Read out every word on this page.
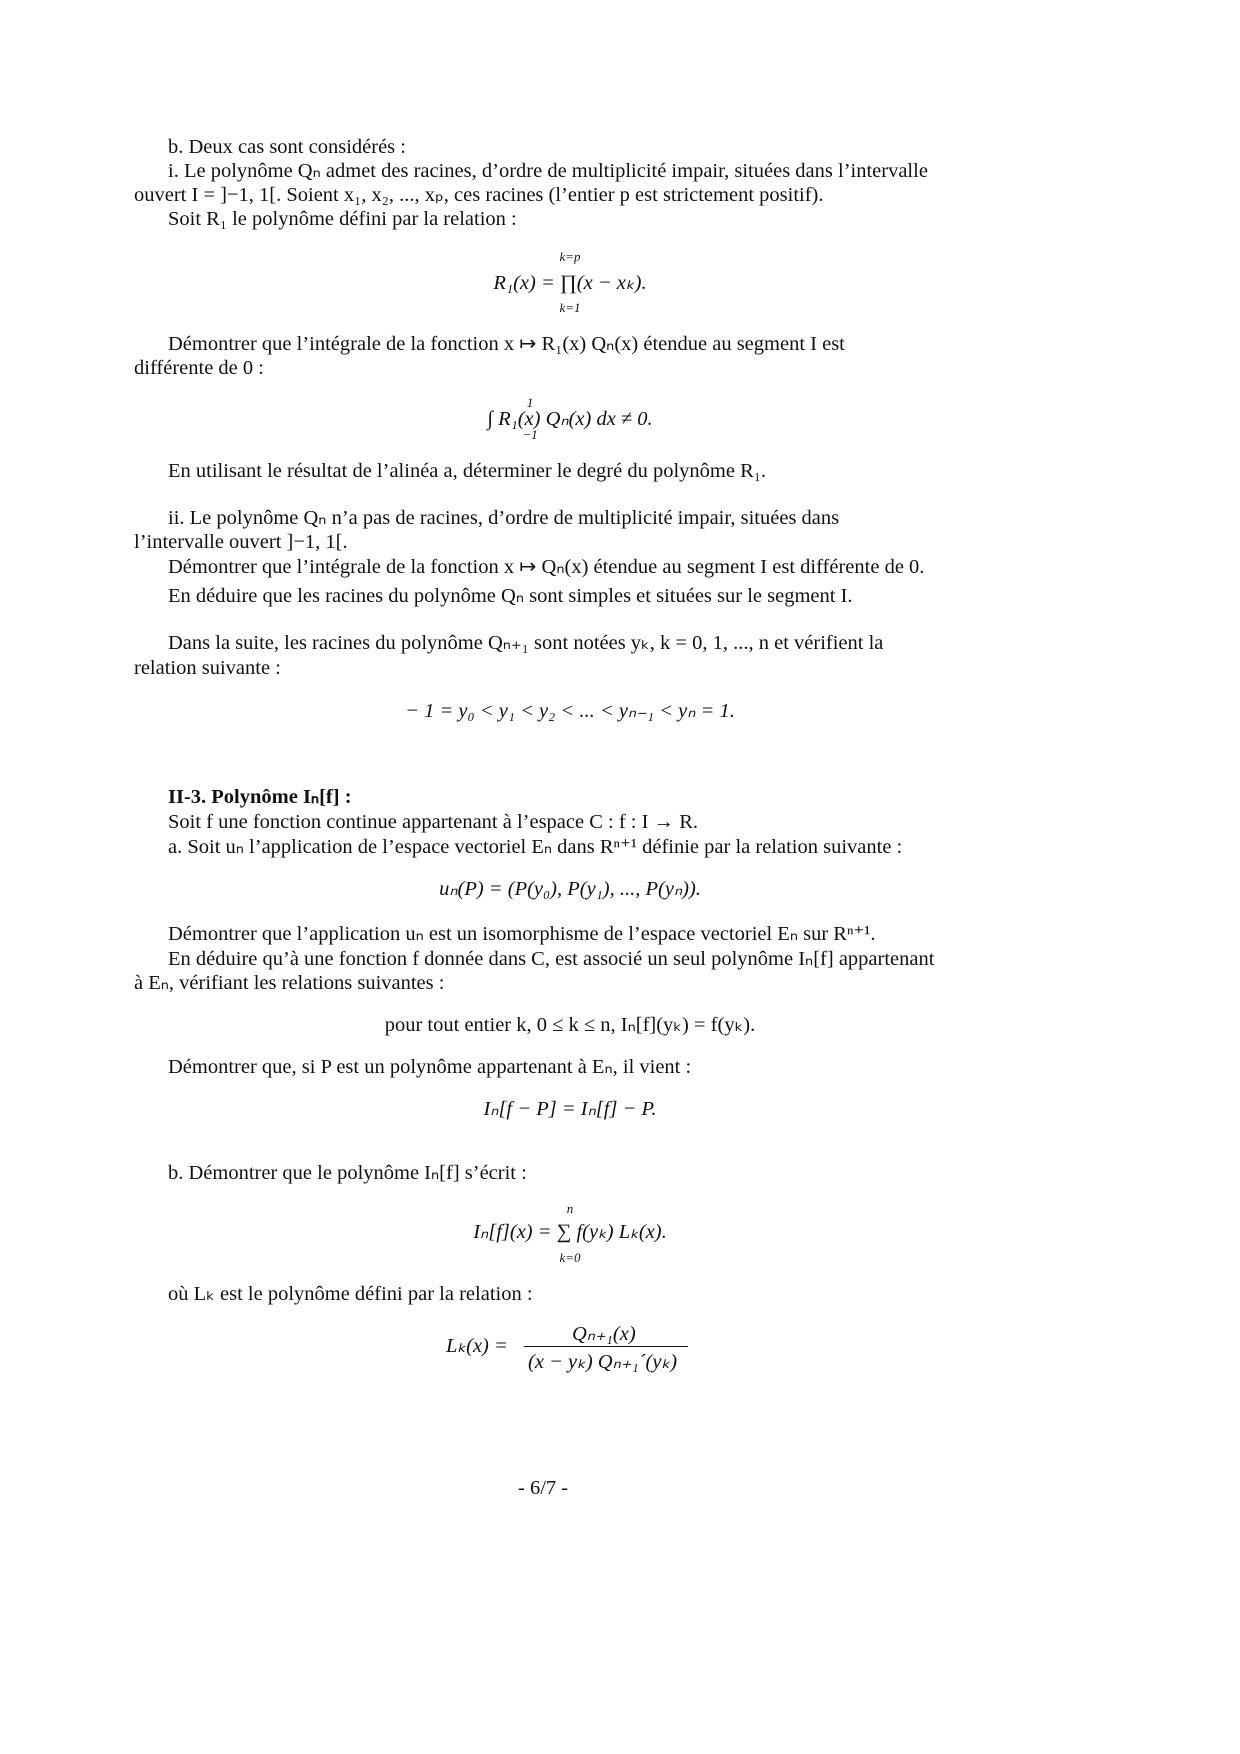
b. Deux cas sont considérés :
i. Le polynôme Qₙ admet des racines, d’ordre de multiplicité impair, situées dans l’intervalle
ouvert I = ]−1, 1[. Soient x₁, x₂, ..., xₚ, ces racines (l’entier p est strictement positif).
Soit R₁ le polynôme défini par la relation :
k=p
R₁(x) = ∏(x − xₖ).
k=1
Démontrer que l’intégrale de la fonction x ↦ R₁(x) Qₙ(x) étendue au segment I est
différente de 0 :
1
∫ R₁(x) Qₙ(x) dx ≠ 0.
−1
En utilisant le résultat de l’alinéa a, déterminer le degré du polynôme R₁.
ii. Le polynôme Qₙ n’a pas de racines, d’ordre de multiplicité impair, situées dans
l’intervalle ouvert ]−1, 1[.
Démontrer que l’intégrale de la fonction x ↦ Qₙ(x) étendue au segment I est différente de 0.
En déduire que les racines du polynôme Qₙ sont simples et situées sur le segment I.
Dans la suite, les racines du polynôme Qₙ₊₁ sont notées yₖ, k = 0, 1, ..., n et vérifient la
relation suivante :
− 1 = y₀ < y₁ < y₂ < ... < yₙ₋₁ < yₙ = 1.
II-3. Polynôme Iₙ[f] :
Soit f une fonction continue appartenant à l’espace C : f : I → R.
a. Soit uₙ l’application de l’espace vectoriel Eₙ dans Rⁿ⁺¹ définie par la relation suivante :
uₙ(P) = (P(y₀), P(y₁), ..., P(yₙ)).
Démontrer que l’application uₙ est un isomorphisme de l’espace vectoriel Eₙ sur Rⁿ⁺¹.
En déduire qu’à une fonction f donnée dans C, est associé un seul polynôme Iₙ[f] appartenant
à Eₙ, vérifiant les relations suivantes :
pour tout entier k, 0 ≤ k ≤ n, Iₙ[f](yₖ) = f(yₖ).
Démontrer que, si P est un polynôme appartenant à Eₙ, il vient :
Iₙ[f − P] = Iₙ[f] − P.
b. Démontrer que le polynôme Iₙ[f] s’écrit :
n
Iₙ[f](x) = ∑ f(yₖ) Lₖ(x).
k=0
où Lₖ est le polynôme défini par la relation :
Lₖ(x) =
Qₙ₊₁(x)
(x − yₖ) Qₙ₊₁´(yₖ)
- 6/7 -
